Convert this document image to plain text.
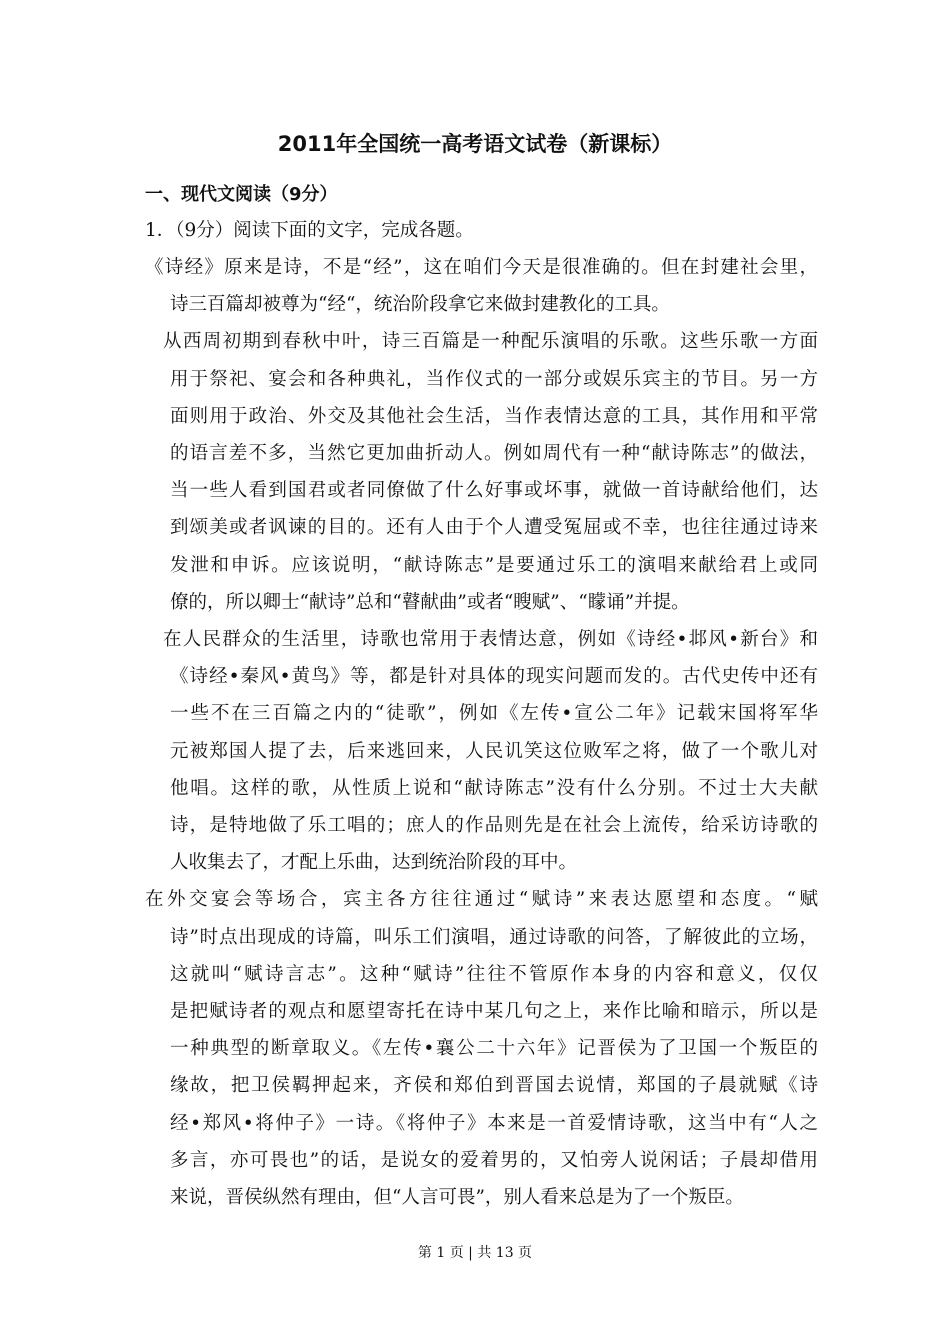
2011年全国统一高考语文试卷（新课标）
一、现代文阅读（9分）
1．（9分）阅读下面的文字，完成各题。
《诗经》原来是诗，不是“经”，这在咱们今天是很准确的。但在封建社会里，
诗三百篇却被尊为“经“，统治阶段拿它来做封建教化的工具。
从西周初期到春秋中叶，诗三百篇是一种配乐演唱的乐歌。这些乐歌一方面
用于祭祀、宴会和各种典礼，当作仪式的一部分或娱乐宾主的节目。另一方
面则用于政治、外交及其他社会生活，当作表情达意的工具，其作用和平常
的语言差不多，当然它更加曲折动人。例如周代有一种“献诗陈志”的做法，
当一些人看到国君或者同僚做了什么好事或坏事，就做一首诗献给他们，达
到颂美或者讽谏的目的。还有人由于个人遭受冤屈或不幸，也往往通过诗来
发泄和申诉。应该说明，“献诗陈志”是要通过乐工的演唱来献给君上或同
僚的，所以卿士“献诗”总和“瞽献曲”或者“瞍赋”、“矇诵”并提。
在人民群众的生活里，诗歌也常用于表情达意，例如《诗经•邶风•新台》和
《诗经•秦风•黄鸟》等，都是针对具体的现实问题而发的。古代史传中还有
一些不在三百篇之内的“徒歌”，例如《左传•宣公二年》记载宋国将军华
元被郑国人提了去，后来逃回来，人民讥笑这位败军之将，做了一个歌儿对
他唱。这样的歌，从性质上说和“献诗陈志”没有什么分别。不过士大夫献
诗，是特地做了乐工唱的；庶人的作品则先是在社会上流传，给采访诗歌的
人收集去了，才配上乐曲，达到统治阶段的耳中。
在外交宴会等场合，宾主各方往往通过“赋诗”来表达愿望和态度。“赋
诗”时点出现成的诗篇，叫乐工们演唱，通过诗歌的问答，了解彼此的立场，
这就叫“赋诗言志”。这种“赋诗”往往不管原作本身的内容和意义，仅仅
是把赋诗者的观点和愿望寄托在诗中某几句之上，来作比喻和暗示，所以是
一种典型的断章取义。《左传•襄公二十六年》记晋侯为了卫国一个叛臣的
缘故，把卫侯羁押起来，齐侯和郑伯到晋国去说情，郑国的子晨就赋《诗
经•郑风•将仲子》一诗。《将仲子》本来是一首爱情诗歌，这当中有“人之
多言，亦可畏也”的话，是说女的爱着男的，又怕旁人说闲话；子晨却借用
来说，晋侯纵然有理由，但“人言可畏”，别人看来总是为了一个叛臣。
第 1 页 | 共 13 页
